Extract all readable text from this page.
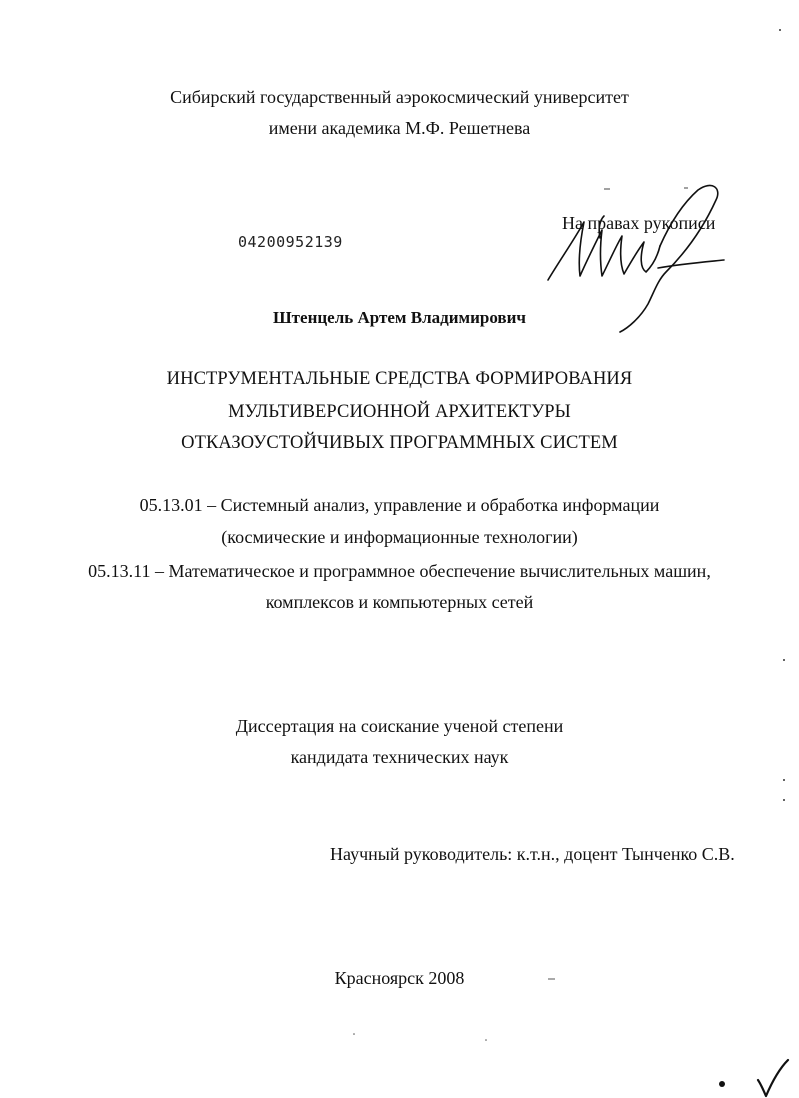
Сибирский государственный аэрокосмический университет
имени академика М.Ф. Решетнева
04200952139
На правах рукописи
Штенцель Артем Владимирович
ИНСТРУМЕНТАЛЬНЫЕ СРЕДСТВА ФОРМИРОВАНИЯ
МУЛЬТИВЕРСИОННОЙ АРХИТЕКТУРЫ
ОТКАЗОУСТОЙЧИВЫХ ПРОГРАММНЫХ СИСТЕМ
05.13.01 – Системный анализ, управление и обработка информации
(космические и информационные технологии)
05.13.11 – Математическое и программное обеспечение вычислительных машин,
комплексов и компьютерных сетей
Диссертация на соискание ученой степени
кандидата технических наук
Научный руководитель: к.т.н., доцент Тынченко С.В.
Красноярск 2008
